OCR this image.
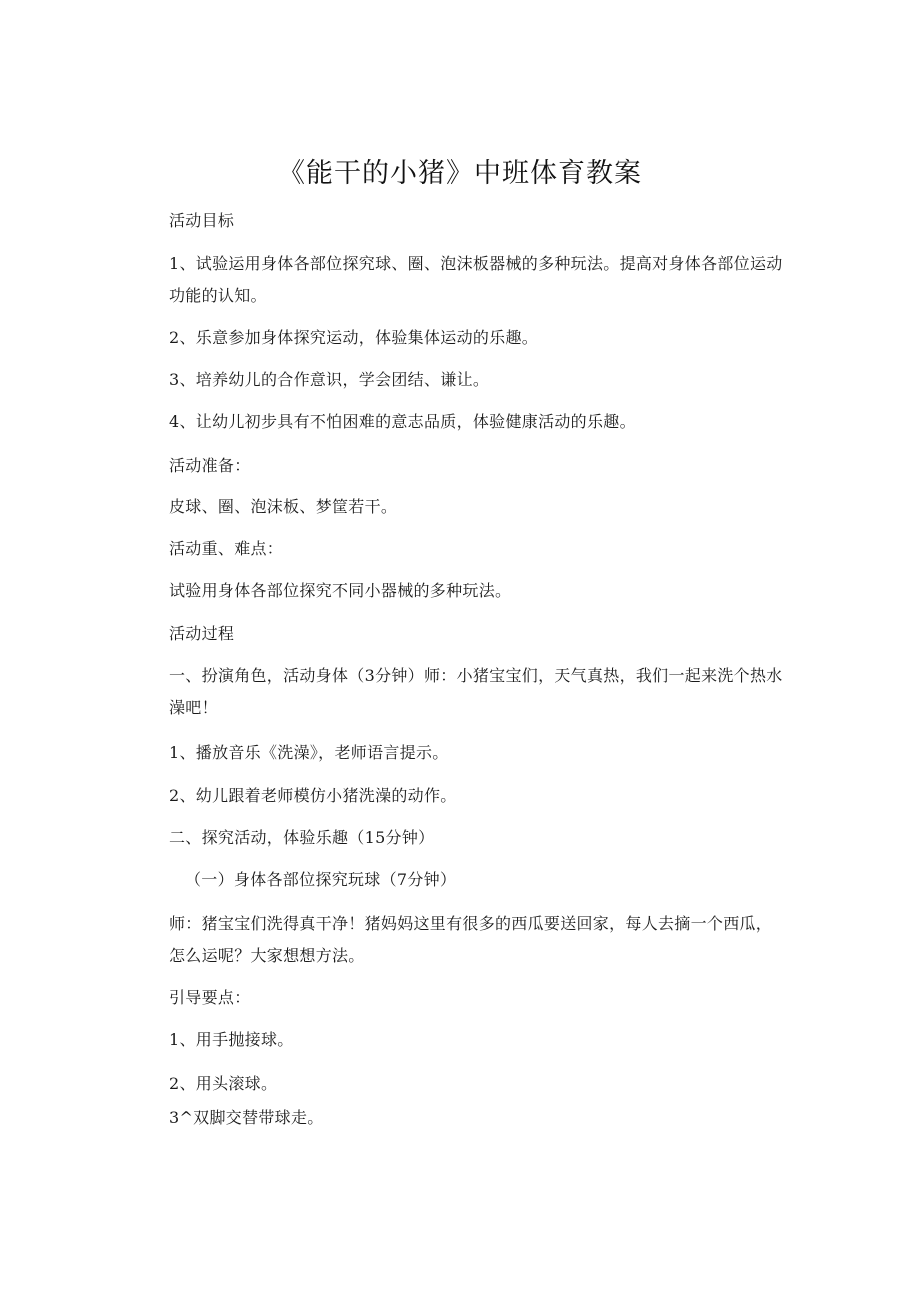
《能干的小猪》中班体育教案
活动目标
1、试验运用身体各部位探究球、圈、泡沫板器械的多种玩法。提高对身体各部位运动功能的认知。
2、乐意参加身体探究运动，体验集体运动的乐趣。
3、培养幼儿的合作意识，学会团结、谦让。
4、让幼儿初步具有不怕困难的意志品质，体验健康活动的乐趣。
活动准备：
皮球、圈、泡沫板、梦筐若干。
活动重、难点：
试验用身体各部位探究不同小器械的多种玩法。
活动过程
一、扮演角色，活动身体（3分钟）师：小猪宝宝们，天气真热，我们一起来洗个热水澡吧！
1、播放音乐《洗澡》，老师语言提示。
2、幼儿跟着老师模仿小猪洗澡的动作。
二、探究活动，体验乐趣（15分钟）
（一）身体各部位探究玩球（7分钟）
师：猪宝宝们洗得真干净！猪妈妈这里有很多的西瓜要送回家，每人去摘一个西瓜，怎么运呢？大家想想方法。
引导要点：
1、用手抛接球。
2、用头滚球。
3^双脚交替带球走。
